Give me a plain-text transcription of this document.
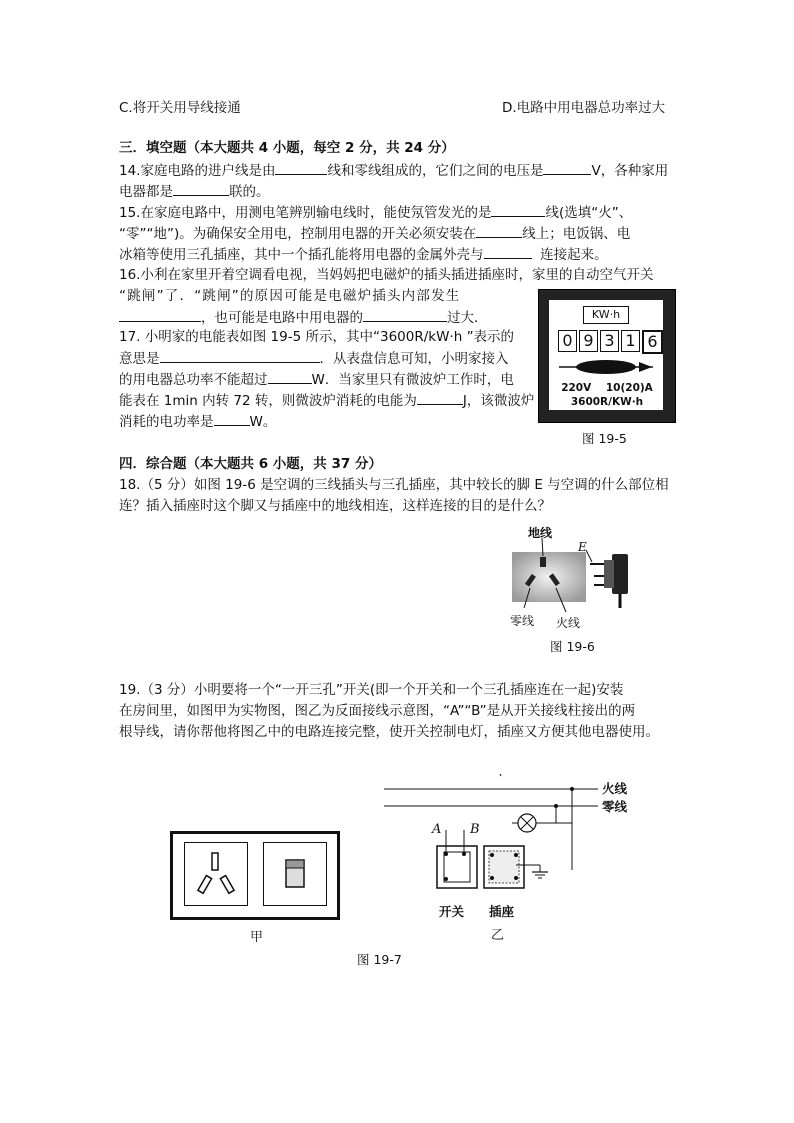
C.将开关用导线接通	D.电路中用电器总功率过大
三．填空题（本大题共 4 小题，每空 2 分，共 24 分）
14.家庭电路的进户线是由	线和零线组成的，它们之间的电压是	V，各种家用
电器都是	联的。
15.在家庭电路中，用测电笔辨别输电线时，能使氖管发光的是	线(选填“火”、
“零”“地”)。为确保安全用电，控制用电器的开关必须安装在	线上；电饭锅、电
冰箱等使用三孔插座，其中一个插孔能将用电器的金属外壳与	连接起来。
16.小利在家里开着空调看电视，当妈妈把电磁炉的插头插进插座时，家里的自动空气开关
“跳闸”了．“跳闸”的原因可能是电磁炉插头内部发生
，也可能是电路中用电器的	过大．
17. 小明家的电能表如图 19-5 所示，其中“3600R/kW·h ”表示的
意思是	．从表盘信息可知，小明家接入
的用电器总功率不能超过	W．当家里只有微波炉工作时，电
能表在 1min 内转 72 转，则微波炉消耗的电能为	J，该微波炉
消耗的电功率是	W。
KW·h
0 9 3 1 6
220V    10(20)A
3600R/KW·h
图 19-5
四．综合题（本大题共 6 小题，共 37 分）
18.（5 分）如图 19-6 是空调的三线插头与三孔插座，其中较长的脚 E 与空调的什么部位相
连？插入插座时这个脚又与插座中的地线相连，这样连接的目的是什么？
地线
E
零线 火线
图 19-6
19.（3 分）小明要将一个“一开三孔”开关(即一个开关和一个三孔插座连在一起)安装
在房间里，如图甲为实物图，图乙为反面接线示意图，“A”“B”是从开关接线柱接出的两
根导线，请你帮他将图乙中的电路连接完整，使开关控制电灯，插座又方便其他电器使用。
甲
火线
零线
A B
开关 插座
乙
图 19-7
